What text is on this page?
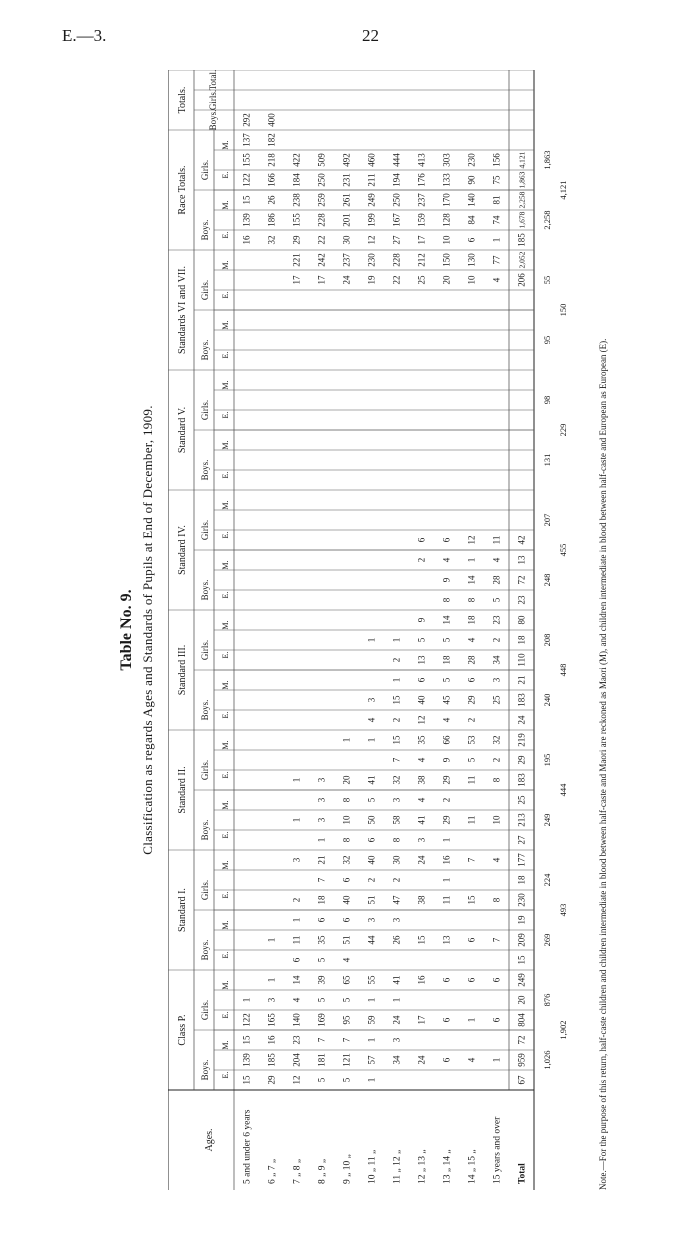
E.—3.	22
Table No. 9. Classification as regards Ages and Standards of Pupils at End of December, 1909.
Class P.
Boys.
Girls.
E.
M.
E.
M.
Standard I.
Boys.
Girls.
E.
M.
E.
M.
Standard II.
Boys.
Girls.
E.
M.
E.
M.
Standard III.
Boys.
Girls.
E.
M.
E.
M.
Standard IV.
Boys.
Girls.
E.
M.
E.
M.
Standard V.
Boys.
Girls.
E.
M.
E.
M.
Standards VI and VII. Boys.
Girls.
E.
M.
E.
M.
Race Totals.
Boys.
Girls.
E.
M.
E.
M.
Totals.
Boys.
Girls.
Total.
Ages.	5 and under 6 years
15
139
15
122
1
16
139
15
122
155
137
292
6 „ 7 „
29
185
16
165
3
1
1
32
186
26
166
218
182
400
7 „ 8 „
12
204
23
140
4
14
6
11
1
2
3
1
1
17
221
29
155
238
184
422
8 „ 9 „
5
181
7
169
5
39
5
35
6
18
7
21
1
3
3
3
17
242
22
228
259
250
509
9 „ 10 „
5
121
7
95
5
65
4
51
6
40
6
32
8
10
8
20
1
24
237
30
201
261
231
492
10 „ 11 „
1
57
1
59
1
55
44
3
51
2
40
6
50
5
41
1
4
3
1
19
230
12
199
249
211
460
11 „ 12 „
34
3
24
1
41
26
3
47
2
30
8
58
3
32
7
15
2
15
1
2
1
22
228
27
167
250
194
444
12 „ 13 „
24
17
16
15
38
24
3
41
4
38
4
35
12
40
6
13
5
9
2
6
25
212
17
159
237
176
413
13 „ 14 „
6
6
6
13
11
1
16
1
29
2
29
9
66
4
45
5
18
5
14
8
9
4
6
20
150
10
128
170
133
303
14 „ 15 „
4
1
6
6
15
7
11
11
5
53
2
29
6
28
4
18
8
14
1
12
10
130
6
84
140
90
230
15 years and over
1
6
6
7
8
4
10
8
2
32
25
3
34
2
23
5
28
4
11
4
77
1
74
81
75
156
Total
67
959
72
804
20
249
15
209
19
230
18
177
27
213
25
183
29
219
24
183
21
110
18
80
23
72
13
42
206
2,052
185
1,678
2,258
1,863
4,121
1,026
876
269
224
249
195
240
208
248
207
131
98
95
55
2,258
1,863
1,902
493
444
448
455
229
150
4,121
Note.—For the purpose of this return, half-caste children and children intermediate in blood between half-caste and Maori are reckoned as Maori (M), and children intermediate in blood between half-caste and European as European (E).
